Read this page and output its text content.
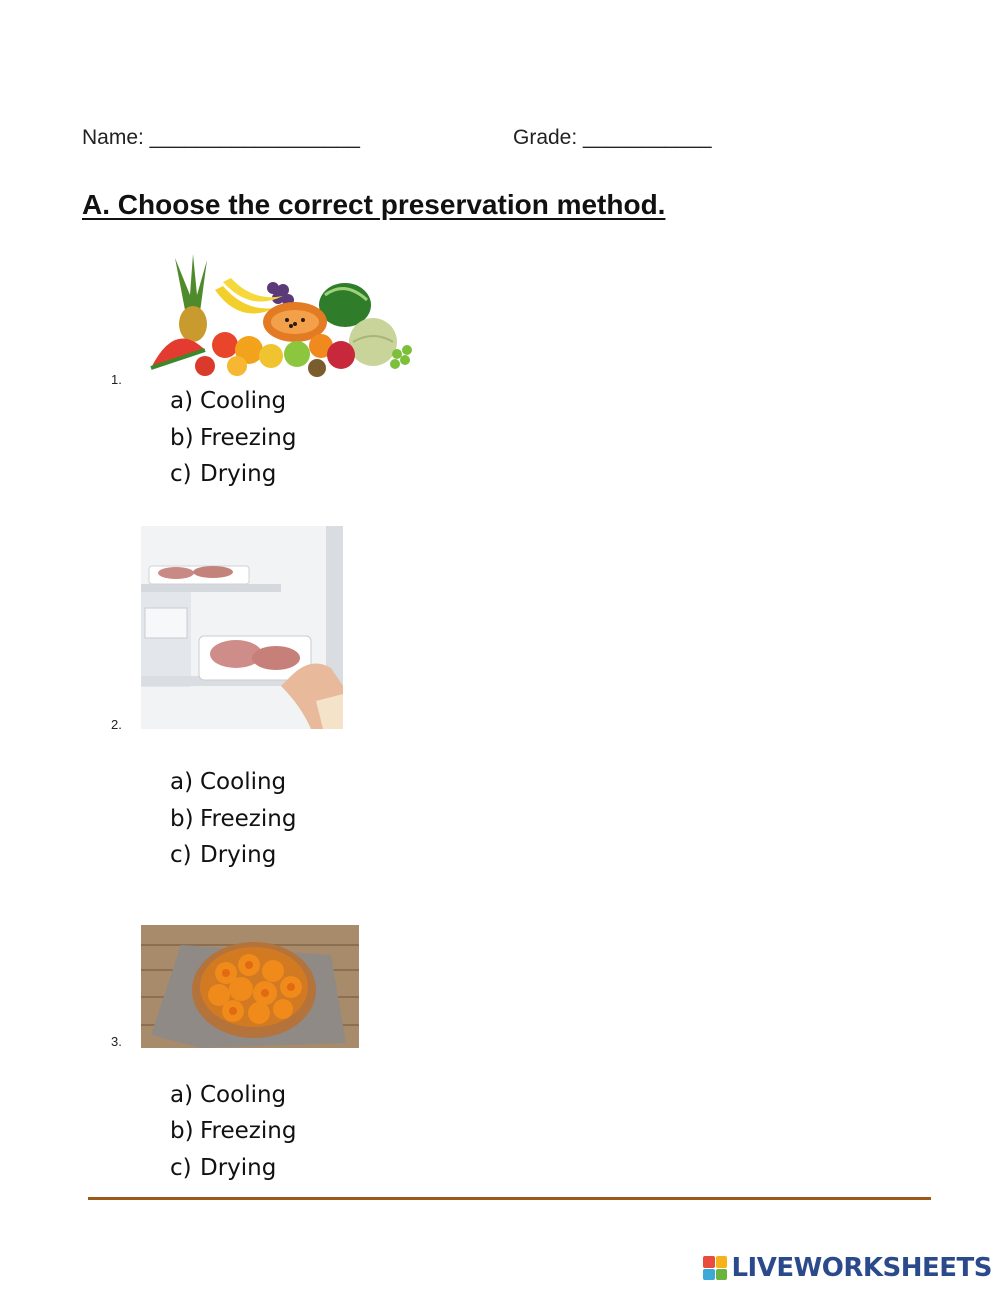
Name: __________________	Grade: ___________
A. Choose the correct preservation method.
1.
a) Cooling
b) Freezing
c) Drying
2.
a) Cooling
b) Freezing
c) Drying
3.
a) Cooling
b) Freezing
c) Drying
LIVEWORKSHEETS
